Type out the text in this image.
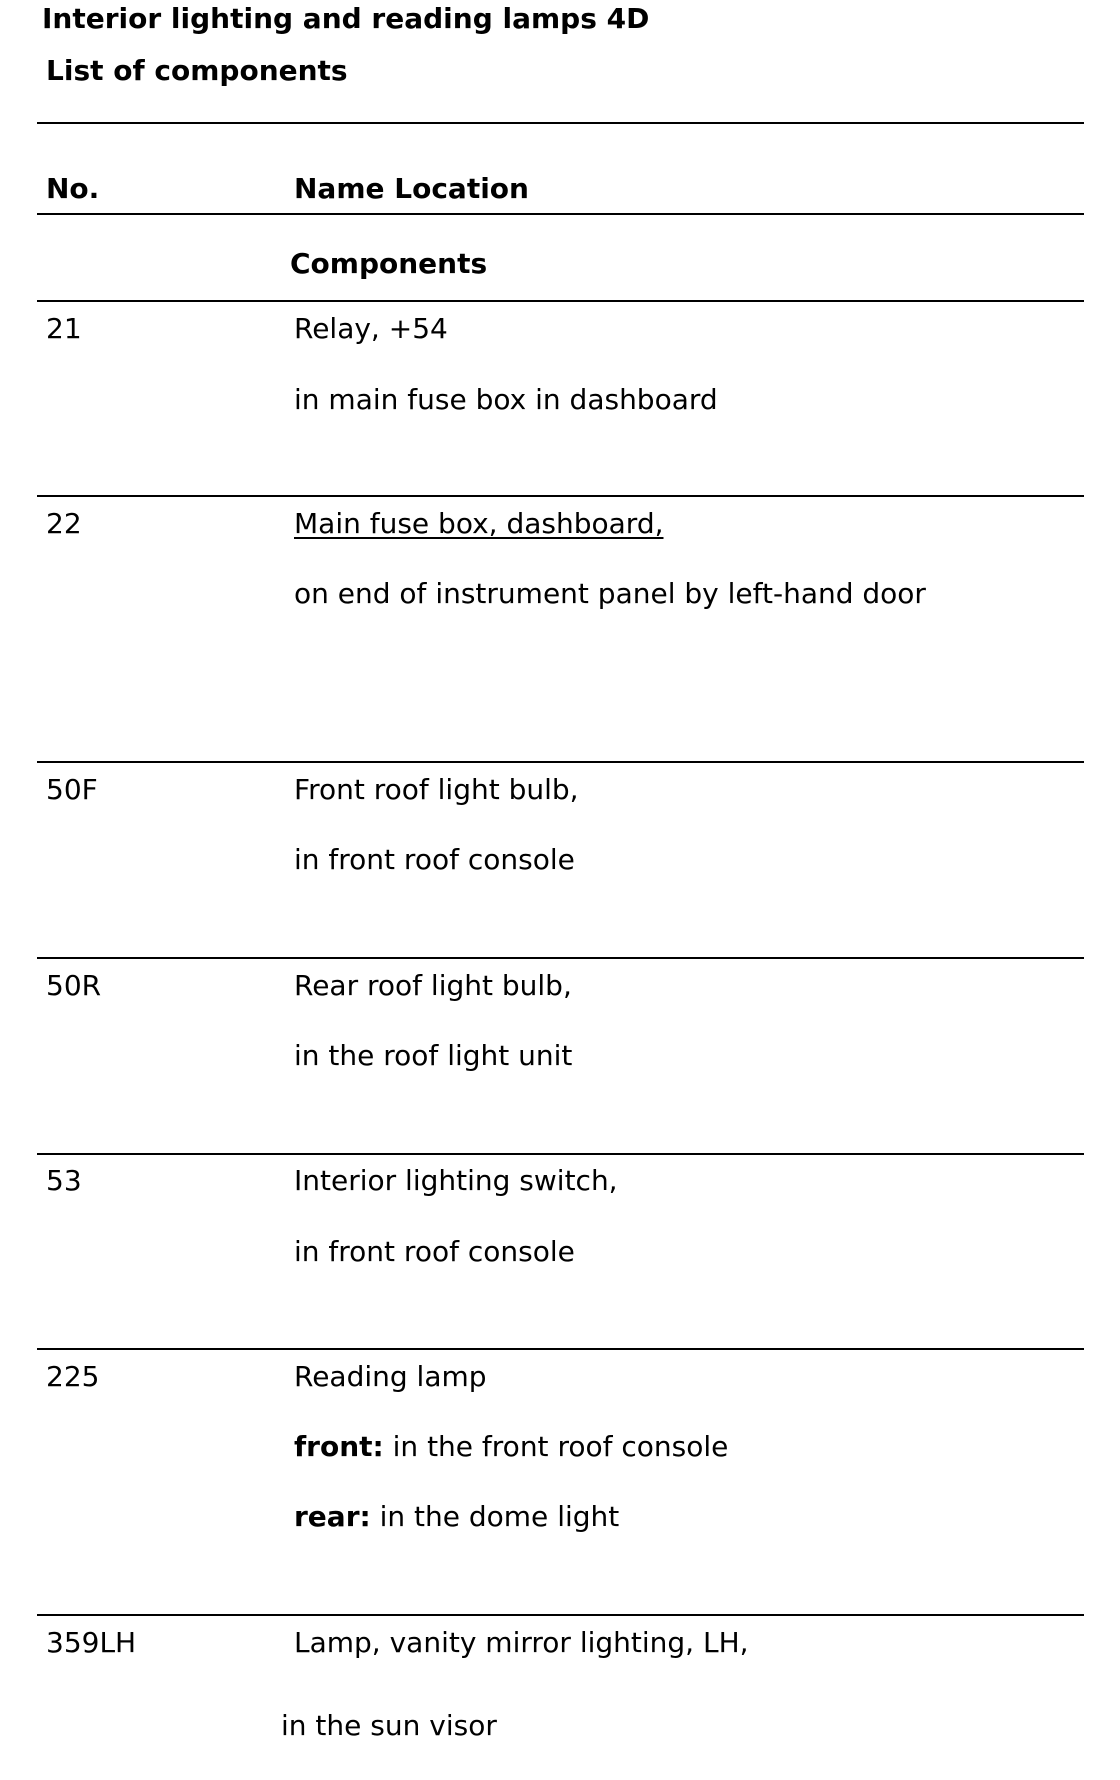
Interior lighting and reading lamps 4D
List of components
No.	Name Location
Components
21	Relay, +54
in main fuse box in dashboard
22	Main fuse box, dashboard,
on end of instrument panel by left-hand door
50F	Front roof light bulb,
in front roof console
50R	Rear roof light bulb,
in the roof light unit
53	Interior lighting switch,
in front roof console
225	Reading lamp
front: in the front roof console
rear: in the dome light
359LH	Lamp, vanity mirror lighting, LH,
in the sun visor
